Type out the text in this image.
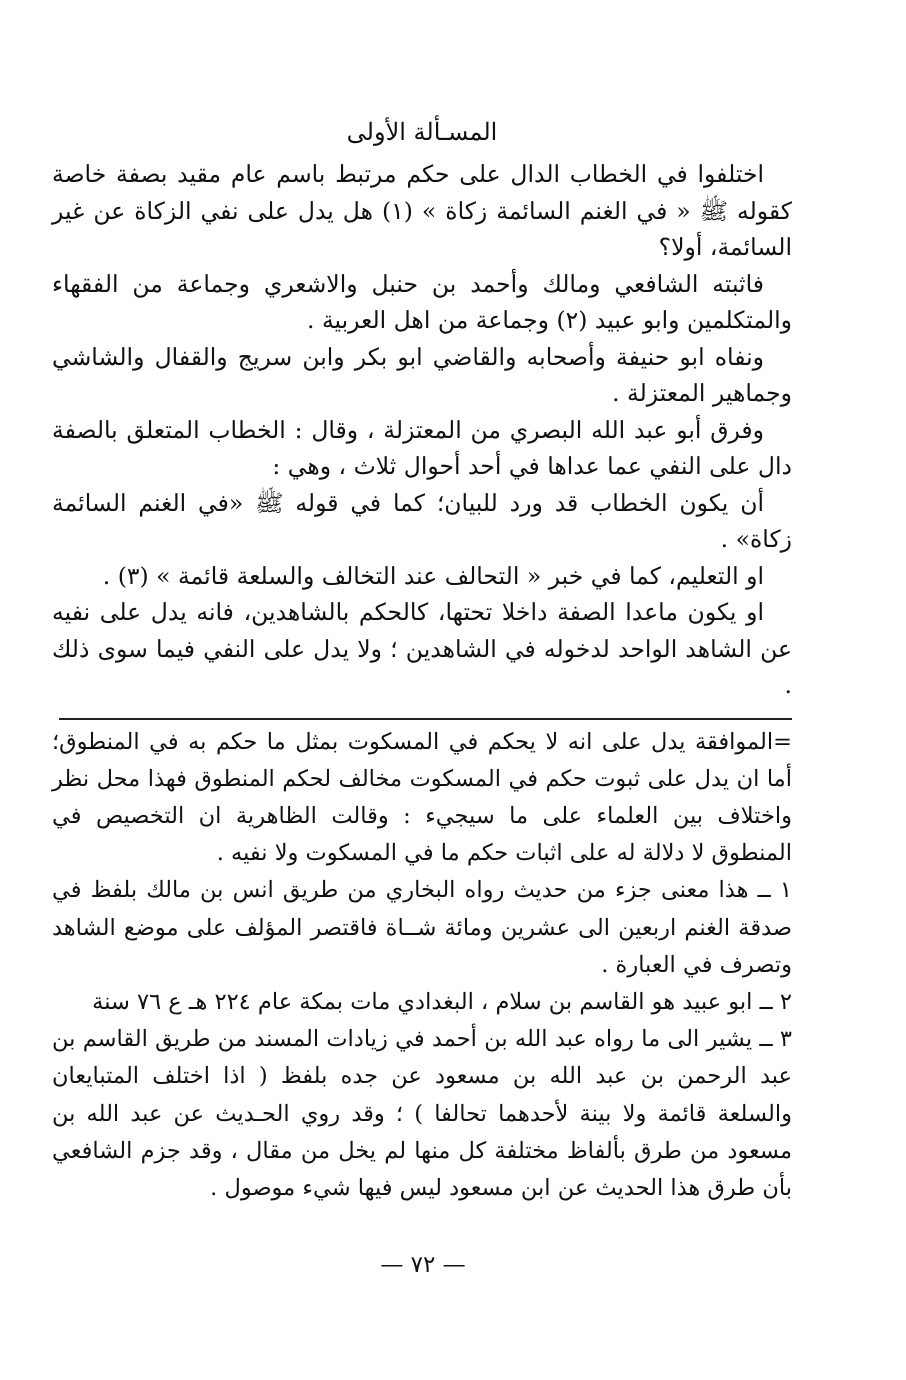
المسـألة الأولى

اختلفوا في الخطاب الدال على حكم مرتبط باسم عام مقيد بصفة خاصة كقوله ﷺ « في الغنم السائمة زكاة » (١) هل يدل على نفي الزكاة عن غير السائمة، أولا؟

فاثبته الشافعي ومالك وأحمد بن حنبل والاشعري وجماعة من الفقهاء والمتكلمين وابو عبيد (٢) وجماعة من اهل العربية .

ونفاه ابو حنيفة وأصحابه والقاضي ابو بكر وابن سريج والقفال والشاشي وجماهير المعتزلة .

وفرق أبو عبد الله البصري من المعتزلة ، وقال : الخطاب المتعلق بالصفة دال على النفي عما عداها في أحد أحوال ثلاث ، وهي :

أن يكون الخطاب قد ورد للبيان؛ كما في قوله ﷺ «في الغنم السائمة زكاة» .

او التعليم، كما في خبر « التحالف عند التخالف والسلعة قائمة » (٣) .

او يكون ماعدا الصفة داخلا تحتها، كالحكم بالشاهدين، فانه يدل على نفيه عن الشاهد الواحد لدخوله في الشاهدين ؛ ولا يدل على النفي فيما سوى ذلك .

=الموافقة يدل على انه لا يحكم في المسكوت بمثل ما حكم به في المنطوق؛ أما ان يدل على ثبوت حكم في المسكوت مخالف لحكم المنطوق فهذا محل نظر واختلاف بين العلماء على ما سيجيء : وقالت الظاهرية ان التخصيص في المنطوق لا دلالة له على اثبات حكم ما في المسكوت ولا نفيه .

١ ــ هذا معنى جزء من حديث رواه البخاري من طريق انس بن مالك بلفظ في صدقة الغنم اربعين الى عشرين ومائة شــاة فاقتصر المؤلف على موضع الشاهد وتصرف في العبارة .

٢ ــ ابو عبيد هو القاسم بن سلام ، البغدادي مات بمكة عام ٢٢٤ هـ ع ٧٦ سنة

٣ ــ يشير الى ما رواه عبد الله بن أحمد في زيادات المسند من طريق القاسم بن عبد الرحمن بن عبد الله بن مسعود عن جده بلفظ ( اذا اختلف المتبايعان والسلعة قائمة ولا بينة لأحدهما تحالفا ) ؛ وقد روي الحـديث عن عبد الله بن مسعود من طرق بألفاظ مختلفة كل منها لم يخل من مقال ، وقد جزم الشافعي بأن طرق هذا الحديث عن ابن مسعود ليس فيها شيء موصول .

— ٧٢ —
